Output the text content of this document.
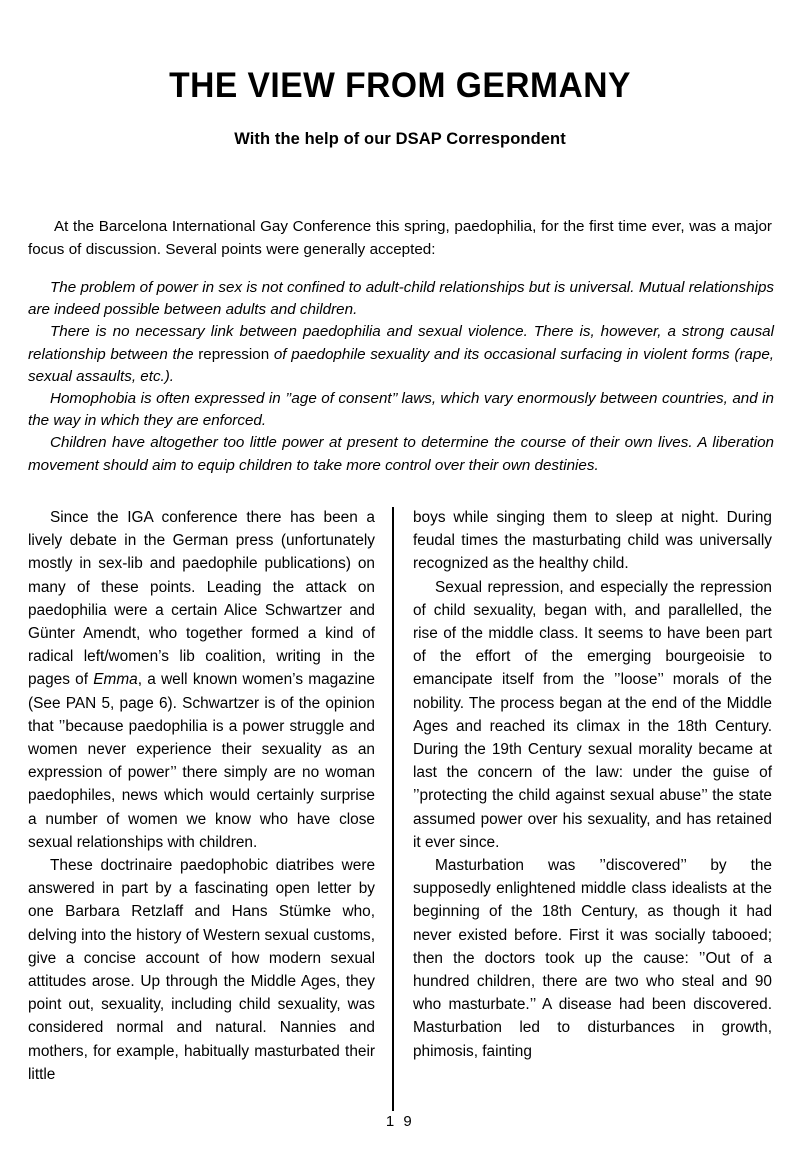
THE VIEW FROM GERMANY
With the help of our DSAP Correspondent
At the Barcelona International Gay Conference this spring, paedophilia, for the first time ever, was a major focus of discussion. Several points were generally accepted:

The problem of power in sex is not confined to adult-child relationships but is universal. Mutual relationships are indeed possible between adults and children.

There is no necessary link between paedophilia and sexual violence. There is, however, a strong causal relationship between the repression of paedophile sexuality and its occasional surfacing in violent forms (rape, sexual assaults, etc.).

Homophobia is often expressed in ’’age of consent’’ laws, which vary enormously between countries, and in the way in which they are enforced.

Children have altogether too little power at present to determine the course of their own lives. A liberation movement should aim to equip children to take more control over their own destinies.

Since the IGA conference there has been a lively debate in the German press (unfortunately mostly in sex-lib and paedophile publications) on many of these points. Leading the attack on paedophilia were a certain Alice Schwartzer and Günter Amendt, who together formed a kind of radical left/women’s lib coalition, writing in the pages of Emma, a well known women’s magazine (See PAN 5, page 6). Schwartzer is of the opinion that ’’because paedophilia is a power struggle and women never experience their sexuality as an expression of power’’ there simply are no woman paedophiles, news which would certainly surprise a number of women we know who have close sexual relationships with children.

These doctrinaire paedophobic diatribes were answered in part by a fascinating open letter by one Barbara Retzlaff and Hans Stümke who, delving into the history of Western sexual customs, give a concise account of how modern sexual attitudes arose. Up through the Middle Ages, they point out, sexuality, including child sexuality, was considered normal and natural. Nannies and mothers, for example, habitually masturbated their little

boys while singing them to sleep at night. During feudal times the masturbating child was universally recognized as the healthy child.

Sexual repression, and especially the repression of child sexuality, began with, and parallelled, the rise of the middle class. It seems to have been part of the effort of the emerging bourgeoisie to emancipate itself from the ’’loose’’ morals of the nobility. The process began at the end of the Middle Ages and reached its climax in the 18th Century. During the 19th Century sexual morality became at last the concern of the law: under the guise of ’’protecting the child against sexual abuse’’ the state assumed power over his sexuality, and has retained it ever since.

Masturbation was ’’discovered’’ by the supposedly enlightened middle class idealists at the beginning of the 18th Century, as though it had never existed before. First it was socially tabooed; then the doctors took up the cause: ’’Out of a hundred children, there are two who steal and 90 who masturbate.’’ A disease had been discovered. Masturbation led to disturbances in growth, phimosis, fainting

1 9
